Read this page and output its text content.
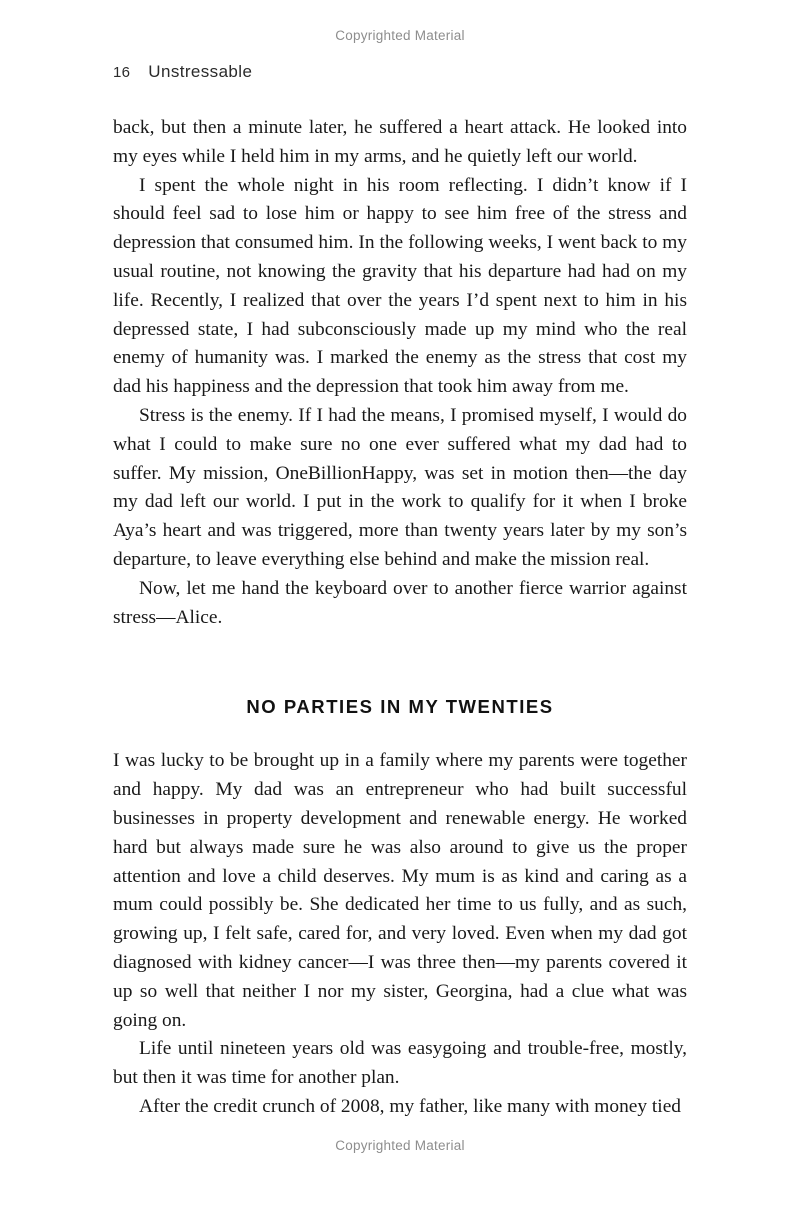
Copyrighted Material
16 Unstressable

back, but then a minute later, he suffered a heart attack. He looked into my eyes while I held him in my arms, and he quietly left our world.

I spent the whole night in his room reflecting. I didn’t know if I should feel sad to lose him or happy to see him free of the stress and depression that consumed him. In the following weeks, I went back to my usual routine, not knowing the gravity that his departure had had on my life. Recently, I realized that over the years I’d spent next to him in his depressed state, I had subconsciously made up my mind who the real enemy of humanity was. I marked the enemy as the stress that cost my dad his happiness and the depression that took him away from me.

Stress is the enemy. If I had the means, I promised myself, I would do what I could to make sure no one ever suffered what my dad had to suffer. My mission, OneBillionHappy, was set in motion then—the day my dad left our world. I put in the work to qualify for it when I broke Aya’s heart and was triggered, more than twenty years later by my son’s departure, to leave everything else behind and make the mission real.

Now, let me hand the keyboard over to another fierce warrior against stress—Alice.

NO PARTIES IN MY TWENTIES

I was lucky to be brought up in a family where my parents were together and happy. My dad was an entrepreneur who had built successful businesses in property development and renewable energy. He worked hard but always made sure he was also around to give us the proper attention and love a child deserves. My mum is as kind and caring as a mum could possibly be. She dedicated her time to us fully, and as such, growing up, I felt safe, cared for, and very loved. Even when my dad got diagnosed with kidney cancer—I was three then—my parents covered it up so well that neither I nor my sister, Georgina, had a clue what was going on.

Life until nineteen years old was easygoing and trouble-free, mostly, but then it was time for another plan.

After the credit crunch of 2008, my father, like many with money tied

Copyrighted Material
